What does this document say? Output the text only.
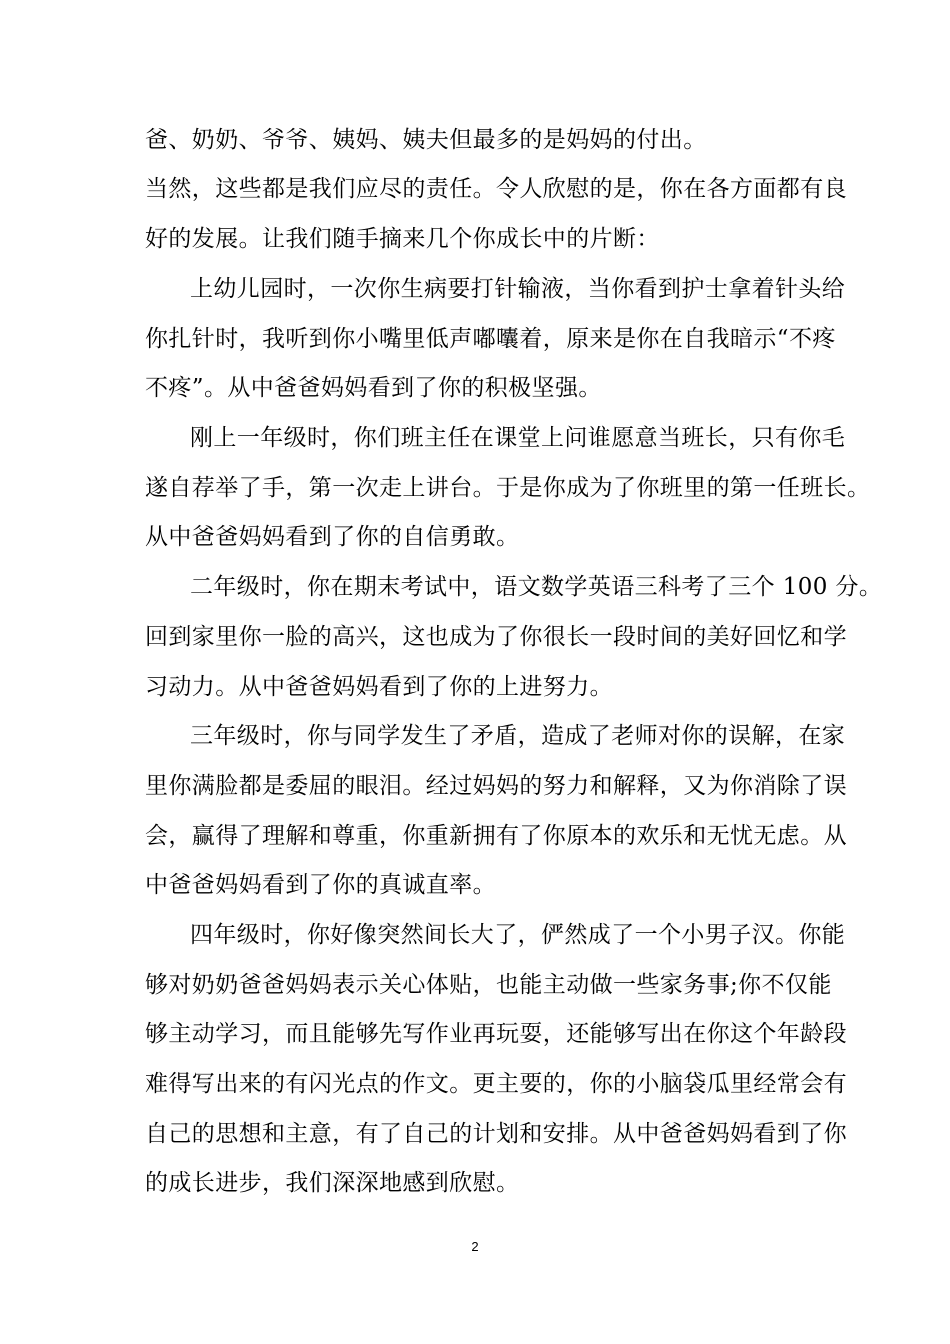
爸、奶奶、爷爷、姨妈、姨夫但最多的是妈妈的付出。
当然，这些都是我们应尽的责任。令人欣慰的是，你在各方面都有良
好的发展。让我们随手摘来几个你成长中的片断：
上幼儿园时，一次你生病要打针输液，当你看到护士拿着针头给
你扎针时，我听到你小嘴里低声嘟囔着，原来是你在自我暗示“不疼
不疼”。从中爸爸妈妈看到了你的积极坚强。
刚上一年级时，你们班主任在课堂上问谁愿意当班长，只有你毛
遂自荐举了手，第一次走上讲台。于是你成为了你班里的第一任班长。
从中爸爸妈妈看到了你的自信勇敢。
二年级时，你在期末考试中，语文数学英语三科考了三个 100 分。
回到家里你一脸的高兴，这也成为了你很长一段时间的美好回忆和学
习动力。从中爸爸妈妈看到了你的上进努力。
三年级时，你与同学发生了矛盾，造成了老师对你的误解，在家
里你满脸都是委屈的眼泪。经过妈妈的努力和解释，又为你消除了误
会，赢得了理解和尊重，你重新拥有了你原本的欢乐和无忧无虑。从
中爸爸妈妈看到了你的真诚直率。
四年级时，你好像突然间长大了，俨然成了一个小男子汉。你能
够对奶奶爸爸妈妈表示关心体贴，也能主动做一些家务事;你不仅能
够主动学习，而且能够先写作业再玩耍，还能够写出在你这个年龄段
难得写出来的有闪光点的作文。更主要的，你的小脑袋瓜里经常会有
自己的思想和主意，有了自己的计划和安排。从中爸爸妈妈看到了你
的成长进步，我们深深地感到欣慰。
2
